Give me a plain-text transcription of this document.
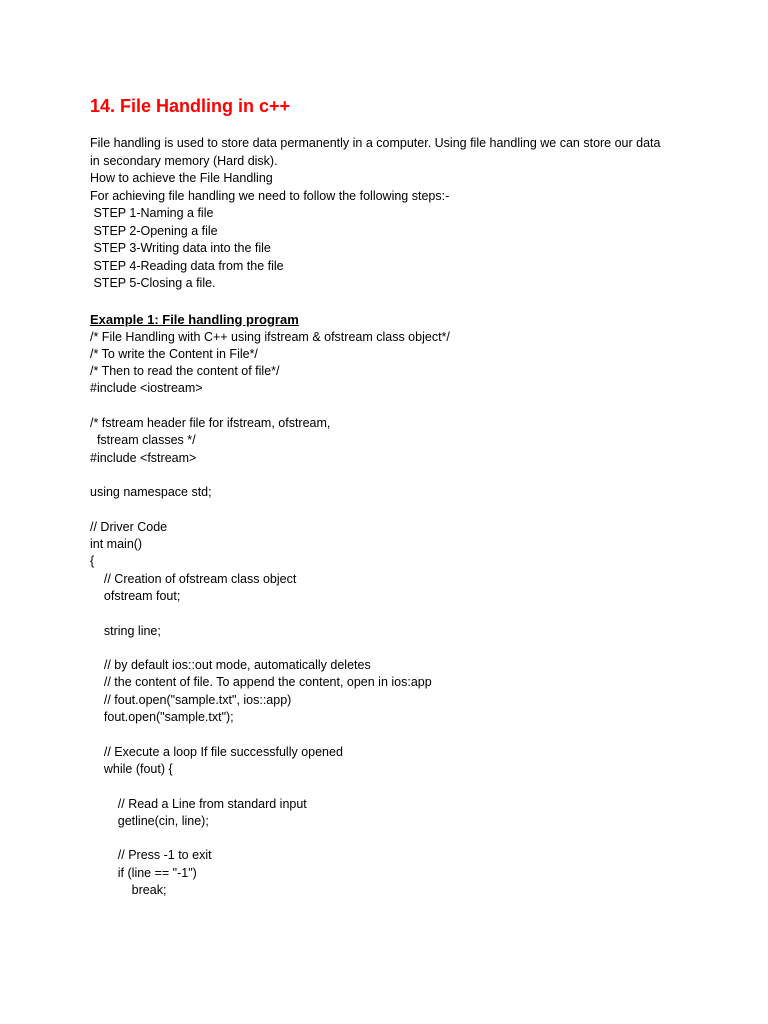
14. File Handling in c++
File handling is used to store data permanently in a computer. Using file handling we can store our data
in secondary memory (Hard disk).
How to achieve the File Handling
For achieving file handling we need to follow the following steps:-
STEP 1-Naming a file
STEP 2-Opening a file
STEP 3-Writing data into the file
STEP 4-Reading data from the file
STEP 5-Closing a file.
Example 1: File handling program
/* File Handling with C++ using ifstream & ofstream class object*/
/* To write the Content in File*/
/* Then to read the content of file*/
#include <iostream>
/* fstream header file for ifstream, ofstream,
fstream classes */
#include <fstream>
using namespace std;
// Driver Code
int main()
{
// Creation of ofstream class object
ofstream fout;
string line;
// by default ios::out mode, automatically deletes
// the content of file. To append the content, open in ios:app
// fout.open("sample.txt", ios::app)
fout.open("sample.txt");
// Execute a loop If file successfully opened
while (fout) {
// Read a Line from standard input
getline(cin, line);
// Press -1 to exit
if (line == "-1")
break;
